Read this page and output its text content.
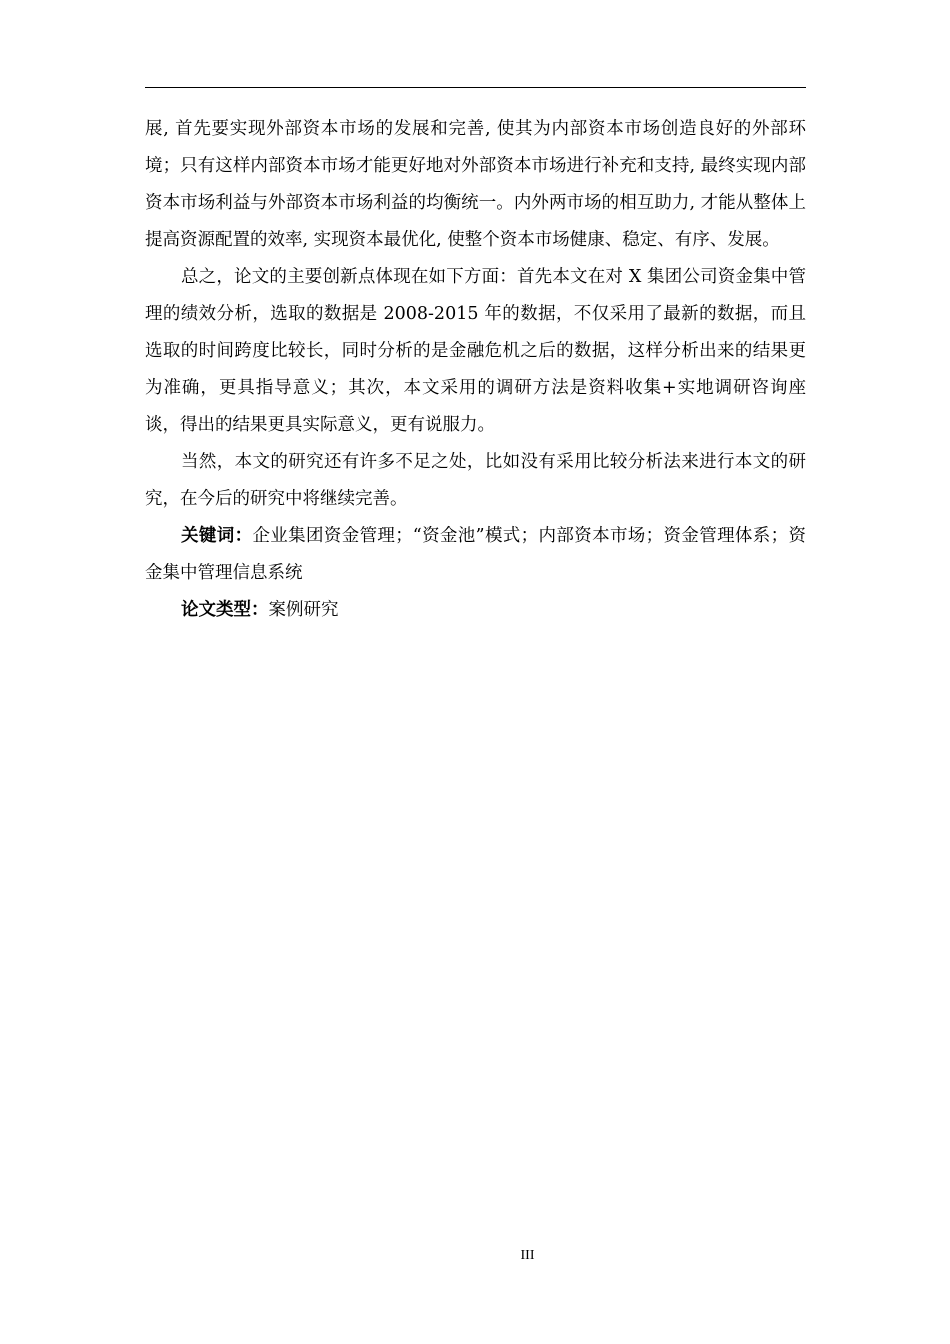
展, 首先要实现外部资本市场的发展和完善, 使其为内部资本市场创造良好的外部环境；只有这样内部资本市场才能更好地对外部资本市场进行补充和支持, 最终实现内部资本市场利益与外部资本市场利益的均衡统一。内外两市场的相互助力, 才能从整体上提高资源配置的效率, 实现资本最优化, 使整个资本市场健康、稳定、有序、发展。

总之，论文的主要创新点体现在如下方面：首先本文在对 X 集团公司资金集中管理的绩效分析，选取的数据是 2008-2015 年的数据，不仅采用了最新的数据，而且选取的时间跨度比较长，同时分析的是金融危机之后的数据，这样分析出来的结果更为准确，更具指导意义；其次，本文采用的调研方法是资料收集+实地调研咨询座谈，得出的结果更具实际意义，更有说服力。

当然，本文的研究还有许多不足之处，比如没有采用比较分析法来进行本文的研究，在今后的研究中将继续完善。

关键词：企业集团资金管理；“资金池”模式；内部资本市场；资金管理体系；资金集中管理信息系统

论文类型：案例研究

III
